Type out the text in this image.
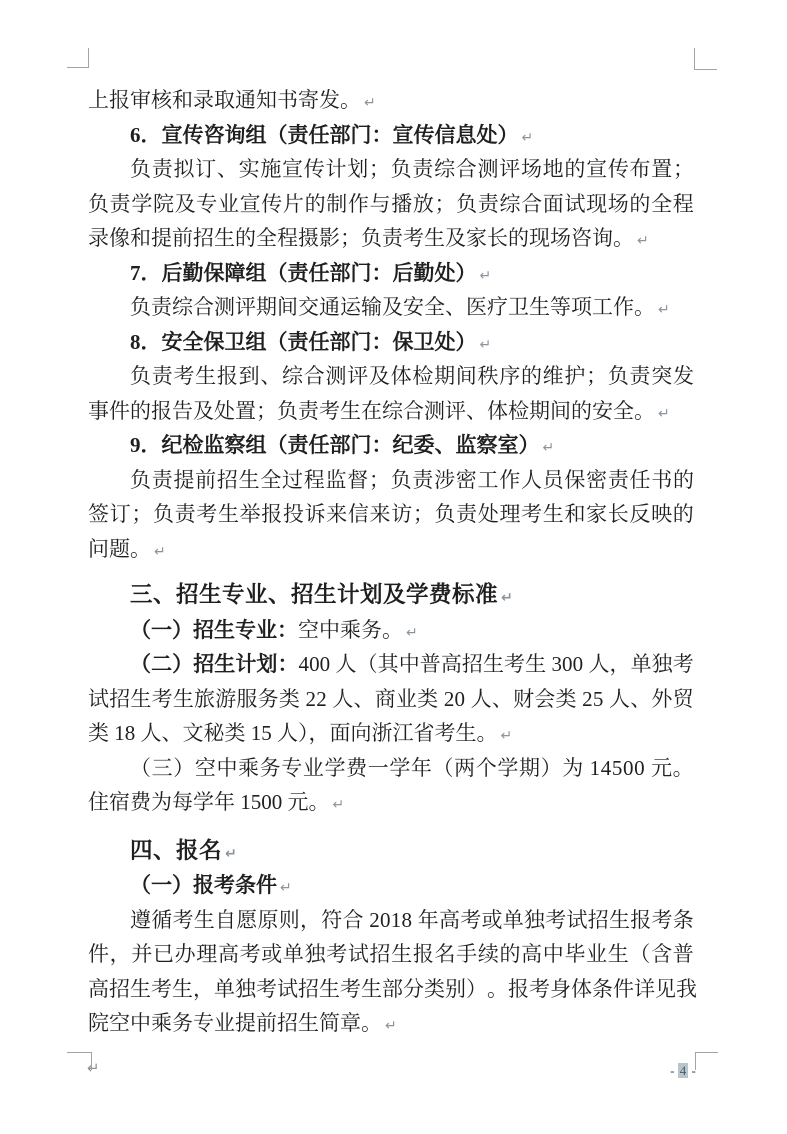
上报审核和录取通知书寄发。 ↵
6．宣传咨询组（责任部门：宣传信息处） ↵
负 责 拟 订 、 实 施 宣 传 计 划 ； 负 责 综 合 测 评 场 地 的 宣 传 布 置 ；
负 责 学 院 及 专 业 宣 传 片 的 制 作 与 播 放 ； 负 责 综 合 面 试 现 场 的 全 程
录像和提前招生的全程摄影；负责考生及家长的现场咨询。 ↵
7．后勤保障组（责任部门：后勤处） ↵
负责综合测评期间交通运输及安全、医疗卫生等项工作。 ↵
8．安全保卫组（责任部门：保卫处） ↵
负 责 考 生 报 到 、 综 合 测 评 及 体 检 期 间 秩 序 的 维 护 ； 负 责 突 发
事件的报告及处置；负责考生在综合测评、体检期间的安全。 ↵
9．纪检监察组（责任部门：纪委、监察室） ↵
负 责 提 前 招 生 全 过 程 监 督 ； 负 责 涉 密 工 作 人 员 保 密 责 任 书 的
签 订 ； 负 责 考 生 举 报 投 诉 来 信 来 访 ； 负 责 处 理 考 生 和 家 长 反 映 的
问题。 ↵
三、招生专业、招生计划及学费标准 ↵
（一）招生专业：空中乘务。 ↵
（ 二 ） 招 生 计 划 ： 4 0 0
人 （ 其 中 普 高 招 生 考 生
3 0 0
人 ， 单 独 考
试 招 生 考 生 旅 游 服 务 类
2 2
人 、 商 业 类
2 0
人 、 财 会 类
2 5
人 、 外 贸
类 18 人、文秘类 15 人），面向浙江省考生。 ↵
（ 三 ） 空 中 乘 务 专 业 学 费 一 学 年 （ 两 个 学 期 ） 为
1 4 5 0 0
元 。
住宿费为每学年 1500 元。 ↵
四、报名 ↵
（一）报考条件 ↵
遵 循 考 生 自 愿 原 则 ， 符 合
2 0 1 8
年 高 考 或 单 独 考 试 招 生 报 考 条
件 ， 并 已 办 理 高 考 或 单 独 考 试 招 生 报 名 手 续 的 高 中 毕 业 生 （ 含 普
高 招 生 考 生 ， 单 独 考 试 招 生 考 生 部 分 类 别 ） 。 报 考 身 体 条 件 详 见 我
院空中乘务专业提前招生简章。 ↵
↵	- 4 -
